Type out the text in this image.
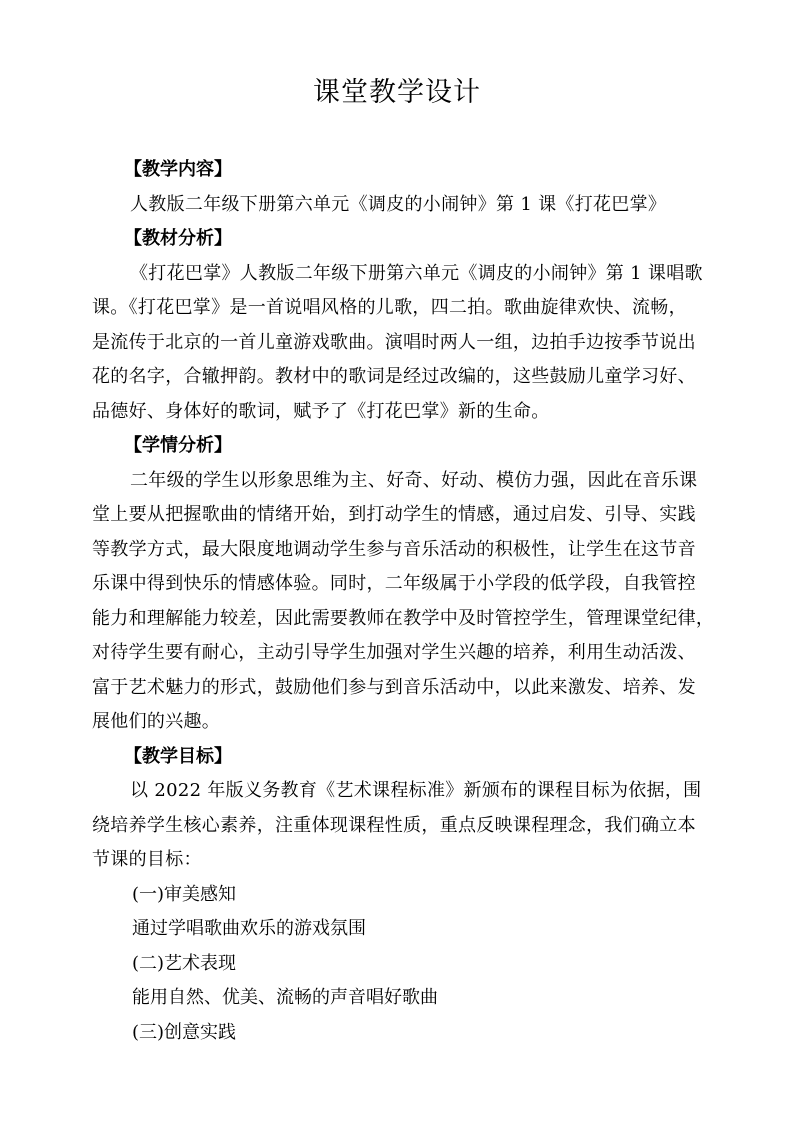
课堂教学设计
【教学内容】
人教版二年级下册第六单元《调皮的小闹钟》第 1 课《打花巴掌》
【教材分析】
《打花巴掌》人教版二年级下册第六单元《调皮的小闹钟》第 1 课唱歌
课。《打花巴掌》是一首说唱风格的儿歌，四二拍。歌曲旋律欢快、流畅，
是流传于北京的一首儿童游戏歌曲。演唱时两人一组，边拍手边按季节说出
花的名字，合辙押韵。教材中的歌词是经过改编的，这些鼓励儿童学习好、
品德好、身体好的歌词，赋予了《打花巴掌》新的生命。
【学情分析】
二年级的学生以形象思维为主、好奇、好动、模仿力强，因此在音乐课
堂上要从把握歌曲的情绪开始，到打动学生的情感，通过启发、引导、实践
等教学方式，最大限度地调动学生参与音乐活动的积极性，让学生在这节音
乐课中得到快乐的情感体验。同时，二年级属于小学段的低学段，自我管控
能力和理解能力较差，因此需要教师在教学中及时管控学生，管理课堂纪律，
对待学生要有耐心，主动引导学生加强对学生兴趣的培养，利用生动活泼、
富于艺术魅力的形式，鼓励他们参与到音乐活动中，以此来激发、培养、发
展他们的兴趣。
【教学目标】
以 2022 年版义务教育《艺术课程标准》新颁布的课程目标为依据，围
绕培养学生核心素养，注重体现课程性质，重点反映课程理念，我们确立本
节课的目标：
(一)审美感知
通过学唱歌曲欢乐的游戏氛围
(二)艺术表现
能用自然、优美、流畅的声音唱好歌曲
(三)创意实践
